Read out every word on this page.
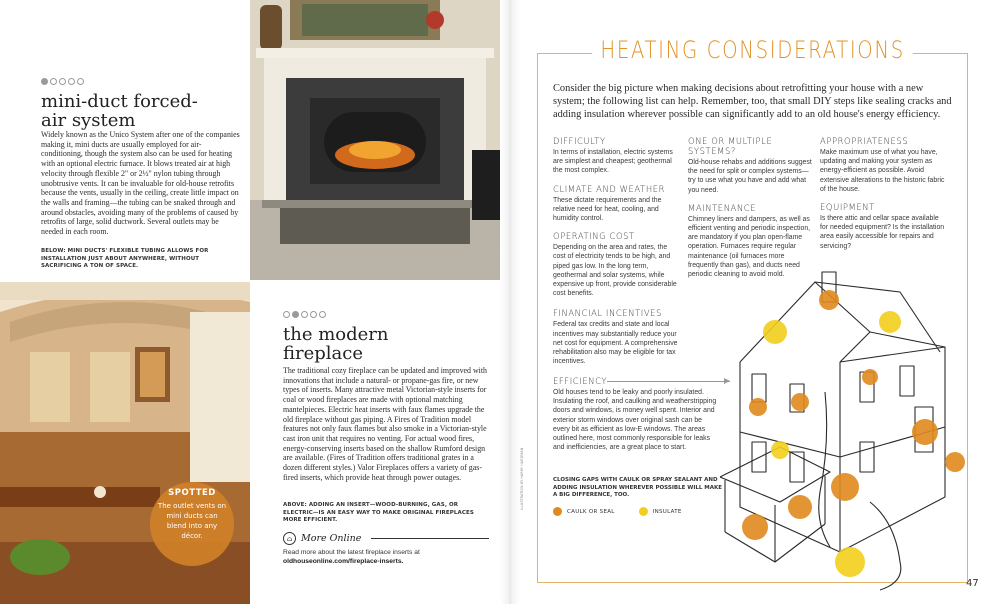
mini-duct forced-air system

Widely known as the Unico System after one of the companies making it, mini ducts are usually employed for air-conditioning, though the system also can be used for heating with an optional electric furnace. It blows treated air at high velocity through flexible 2" or 2½" nylon tubing through unobtrusive vents. It can be invaluable for old-house retrofits because the vents, usually in the ceiling, create little impact on the walls and framing—the tubing can be snaked through and around obstacles, avoiding many of the problems of caused by retrofits of large, solid ductwork. Several outlets may be needed in each room.

BELOW: MINI DUCTS' FLEXIBLE TUBING ALLOWS FOR INSTALLATION JUST ABOUT ANYWHERE, WITHOUT SACRIFICING A TON OF SPACE.

SPOTTED
The outlet vents on mini ducts can blend into any décor.
the modern fireplace

The traditional cozy fireplace can be updated and improved with innovations that include a natural- or propane-gas fire, or new types of inserts. Many attractive metal Victorian-style inserts for coal or wood fireplaces are made with optional matching mantelpieces. Electric heat inserts with faux flames upgrade the old fireplace without gas piping. A Fires of Tradition model features not only faux flames but also smoke in a Victorian-style cast iron unit that requires no venting. For actual wood fires, energy-conserving inserts based on the shallow Rumford design are available. (Fires of Tradition offers traditional grates in a dozen different styles.) Valor Fireplaces offers a variety of gas-fired inserts, which provide heat through power outages.

ABOVE: ADDING AN INSERT—WOOD-BURNING, GAS, OR ELECTRIC—IS AN EASY WAY TO MAKE ORIGINAL FIREPLACES MORE EFFICIENT.

⌂ More Online
Read more about the latest fireplace inserts at
oldhouseonline.com/fireplace-inserts.
ILLUSTRATION BY HARRY HARDMAN
HEATING CONSIDERATIONS

Consider the big picture when making decisions about retrofitting your house with a new system; the following list can help. Remember, too, that small DIY steps like sealing cracks and adding insulation wherever possible can significantly add to an old house's energy efficiency.

DIFFICULTY
In terms of installation, electric systems are simplest and cheapest; geothermal the most complex.
CLIMATE AND WEATHER
These dictate requirements and the relative need for heat, cooling, and humidity control.
OPERATING COST
Depending on the area and rates, the cost of electricity tends to be high, and piped gas low. In the long term, geothermal and solar systems, while expensive up front, provide considerable cost benefits.
FINANCIAL INCENTIVES
Federal tax credits and state and local incentives may substantially reduce your net cost for equipment. A comprehensive rehabilitation also may be eligible for tax incentives.
ONE OR MULTIPLE SYSTEMS?
Old-house rehabs and additions suggest the need for split or complex systems—try to use what you have and add what you need.
MAINTENANCE
Chimney liners and dampers, as well as efficient venting and periodic inspection, are mandatory if you plan open-flame operation. Furnaces require regular maintenance (oil furnaces more frequently than gas), and ducts need periodic cleaning to avoid mold.
APPROPRIATENESS
Make maximum use of what you have, updating and making your system as energy-efficient as possible. Avoid extensive alterations to the historic fabric of the house.
EQUIPMENT
Is there attic and cellar space available for needed equipment? Is the installation area easily accessible for repairs and servicing?
EFFICIENCY
Old houses tend to be leaky and poorly insulated. Insulating the roof, and caulking and weatherstripping doors and windows, is money well spent. Interior and exterior storm windows over original sash can be every bit as efficient as low-E windows. The areas outlined here, most commonly responsible for leaks and inefficiencies, are a great place to start.

CLOSING GAPS WITH CAULK OR SPRAY SEALANT AND ADDING INSULATION WHEREVER POSSIBLE WILL MAKE A BIG DIFFERENCE, TOO.

CAULK OR SEAL	INSULATE
47
